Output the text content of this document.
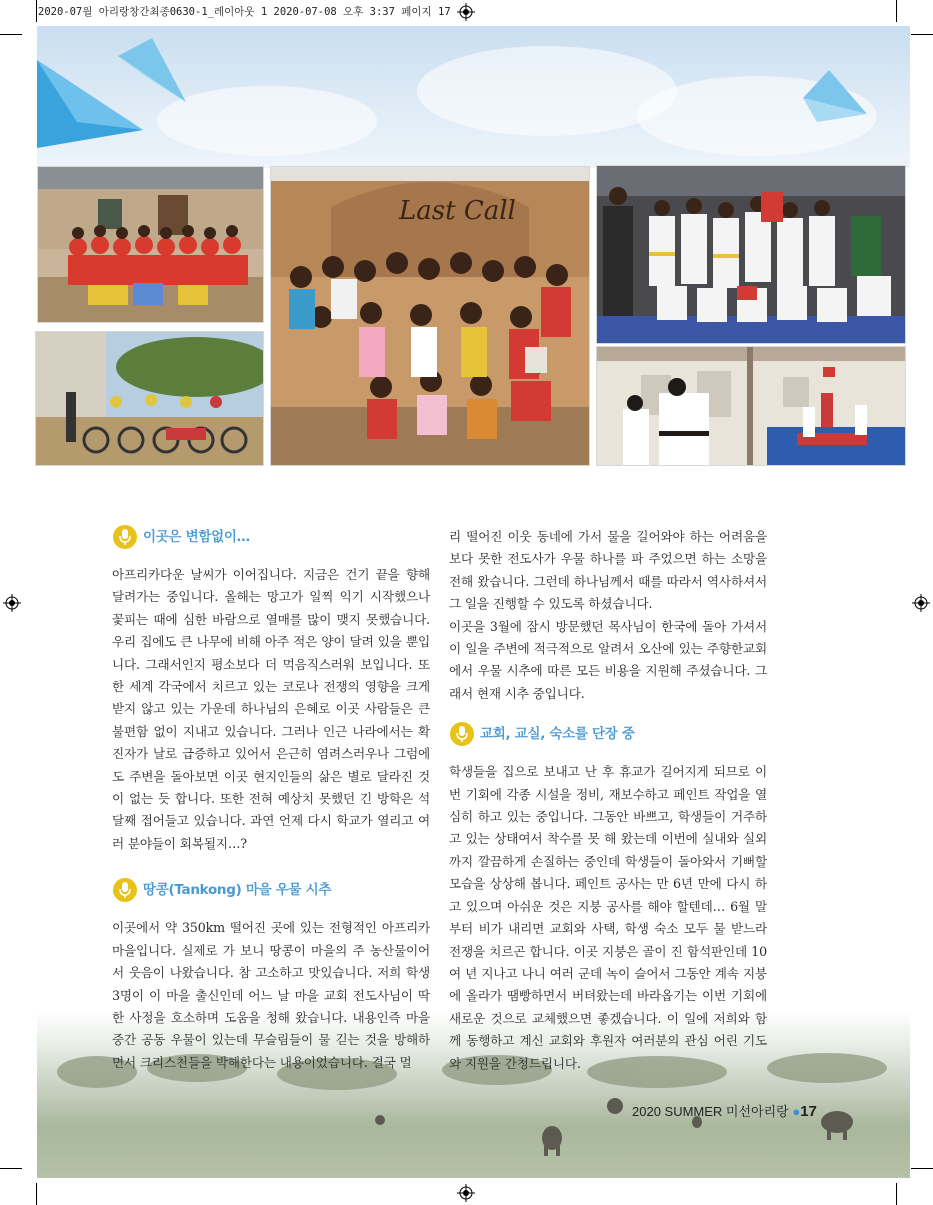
2020-07월 아리랑창간최종0630-1_레이아웃 1 2020-07-08 오후 3:37 페이지 17
Last Call
이곳은 변함없이…

아프리카다운 날씨가 이어집니다. 지금은 건기 끝을 향해 달려가는 중입니다. 올해는 망고가 일찍 익기 시작했으나 꽃피는 때에 심한 바람으로 열매를 많이 맺지 못했습니다. 우리 집에도 큰 나무에 비해 아주 적은 양이 달려 있을 뿐입니다. 그래서인지 평소보다 더 먹음직스러워 보입니다. 또한 세계 각국에서 치르고 있는 코로나 전쟁의 영향을 크게 받지 않고 있는 가운데 하나님의 은혜로 이곳 사람들은 큰 불편함 없이 지내고 있습니다. 그러나 인근 나라에서는 확진자가 날로 급증하고 있어서 은근히 염려스러우나 그럼에도 주변을 돌아보면 이곳 현지인들의 삶은 별로 달라진 것이 없는 듯 합니다. 또한 전혀 예상치 못했던 긴 방학은 석 달째 접어들고 있습니다. 과연 언제 다시 학교가 열리고 여러 분야들이 회복될지…?

땅콩(Tankong) 마을 우물 시추

이곳에서 약 350km 떨어진 곳에 있는 전형적인 아프리카 마을입니다. 실제로 가 보니 땅콩이 마을의 주 농산물이어서 웃음이 나왔습니다. 참 고소하고 맛있습니다. 저희 학생 3명이 이 마을 출신인데 어느 날 마을 교회 전도사님이 딱한 사정을 호소하며 도움을 청해 왔습니다. 내용인즉 마을 중간 공동 우물이 있는데 무슬림들이 물 긷는 것을 방해하면서 크리스천들을 박해한다는 내용이었습니다. 결국 멀

리 떨어진 이웃 동네에 가서 물을 길어와야 하는 어려움을 보다 못한 전도사가 우물 하나를 파 주었으면 하는 소망을 전해 왔습니다. 그런데 하나님께서 때를 따라서 역사하셔서 그 일을 진행할 수 있도록 하셨습니다.

이곳을 3월에 잠시 방문했던 목사님이 한국에 돌아 가셔서 이 일을 주변에 적극적으로 알려서 오산에 있는 주향한교회에서 우물 시추에 따른 모든 비용을 지원해 주셨습니다. 그래서 현재 시추 중입니다.

교회, 교실, 숙소를 단장 중

학생들을 집으로 보내고 난 후 휴교가 길어지게 되므로 이번 기회에 각종 시설을 정비, 재보수하고 페인트 작업을 열심히 하고 있는 중입니다. 그동안 바쁘고, 학생들이 거주하고 있는 상태여서 착수를 못 해 왔는데 이번에 실내와 실외까지 깔끔하게 손질하는 중인데 학생들이 돌아와서 기뻐할 모습을 상상해 봅니다. 페인트 공사는 만 6년 만에 다시 하고 있으며 아쉬운 것은 지붕 공사를 해야 할텐데… 6월 말부터 비가 내리면 교회와 사택, 학생 숙소 모두 물 받느라 전쟁을 치르곤 합니다. 이곳 지붕은 골이 진 함석판인데 10여 년 지나고 나니 여러 군데 녹이 슬어서 그동안 계속 지붕에 올라가 땜빵하면서 버텨왔는데 바라옵기는 이번 기회에 새로운 것으로 교체했으면 좋겠습니다. 이 일에 저희와 함께 동행하고 계신 교회와 후원자 여러분의 관심 어린 기도와 지원을 간청드립니다.

2020 SUMMER 미선아리랑 ●17
